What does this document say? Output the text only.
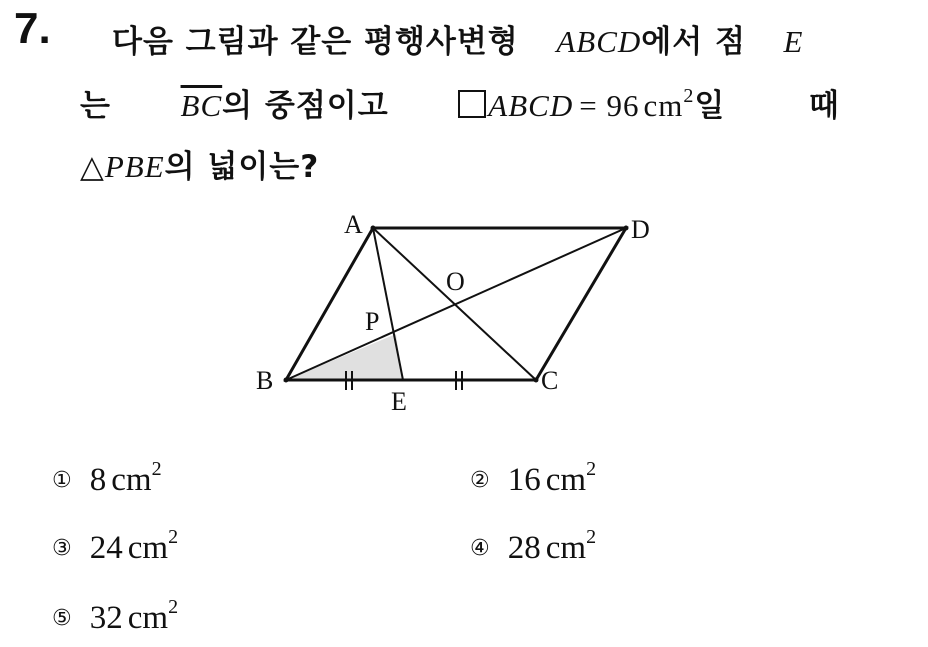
7. 다음 그림과 같은 평행사변형 ABCD에서 점 E
는 $\overline{BC}$의 중점이고	ABCD = 96 $cm^2$일	때
△PBE의 넓이는?
A	D
O
P
B	C
E
① 8 $cm^2$	② 16 $cm^2$
③ 24 $cm^2$	④ 28 $cm^2$
⑤ 32 $cm^2$
